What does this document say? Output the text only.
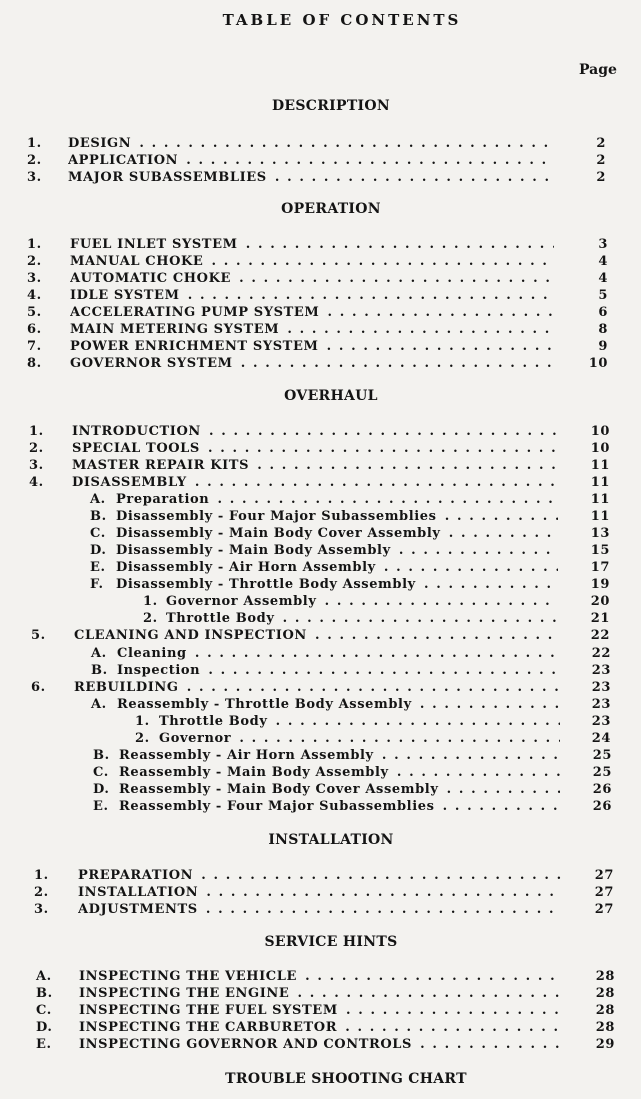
TABLE OF CONTENTS
Page
DESCRIPTION
1. DESIGN . . .	2
2. APPLICATION . . .	2
3. MAJOR SUBASSEMBLIES . . .	2
OPERATION
1. FUEL INLET SYSTEM . . .	3
2. MANUAL CHOKE . . .	4
3. AUTOMATIC CHOKE . . .	4
4. IDLE SYSTEM . . .	5
5. ACCELERATING PUMP SYSTEM . . .	6
6. MAIN METERING SYSTEM . . .	8
7. POWER ENRICHMENT SYSTEM . . .	9
8. GOVERNOR SYSTEM . . .	10
OVERHAUL
1. INTRODUCTION . . .	10
2. SPECIAL TOOLS . . .	10
3. MASTER REPAIR KITS . . .	11
4. DISASSEMBLY . . .	11
A. Preparation . . .	11
B. Disassembly - Four Major Subassemblies . . .	11
C. Disassembly - Main Body Cover Assembly . . .	13
D. Disassembly - Main Body Assembly . . .	15
E. Disassembly - Air Horn Assembly . . .	17
F. Disassembly - Throttle Body Assembly . . .	19
1. Governor Assembly . . .	20
2. Throttle Body . . .	21
5. CLEANING AND INSPECTION . . .	22
A. Cleaning . . .	22
B. Inspection . . .	23
6. REBUILDING . . .	23
A. Reassembly - Throttle Body Assembly . . .	23
1. Throttle Body . . .	23
2. Governor . . .	24
B. Reassembly - Air Horn Assembly . . .	25
C. Reassembly - Main Body Assembly . . .	25
D. Reassembly - Main Body Cover Assembly . . .	26
E. Reassembly - Four Major Subassemblies . . .	26
INSTALLATION
1. PREPARATION . . .	27
2. INSTALLATION . . .	27
3. ADJUSTMENTS . . .	27
SERVICE HINTS
A. INSPECTING THE VEHICLE . . .	28
B. INSPECTING THE ENGINE . . .	28
C. INSPECTING THE FUEL SYSTEM . . .	28
D. INSPECTING THE CARBURETOR . . .	28
E. INSPECTING GOVERNOR AND CONTROLS . . .	29
TROUBLE SHOOTING CHART
